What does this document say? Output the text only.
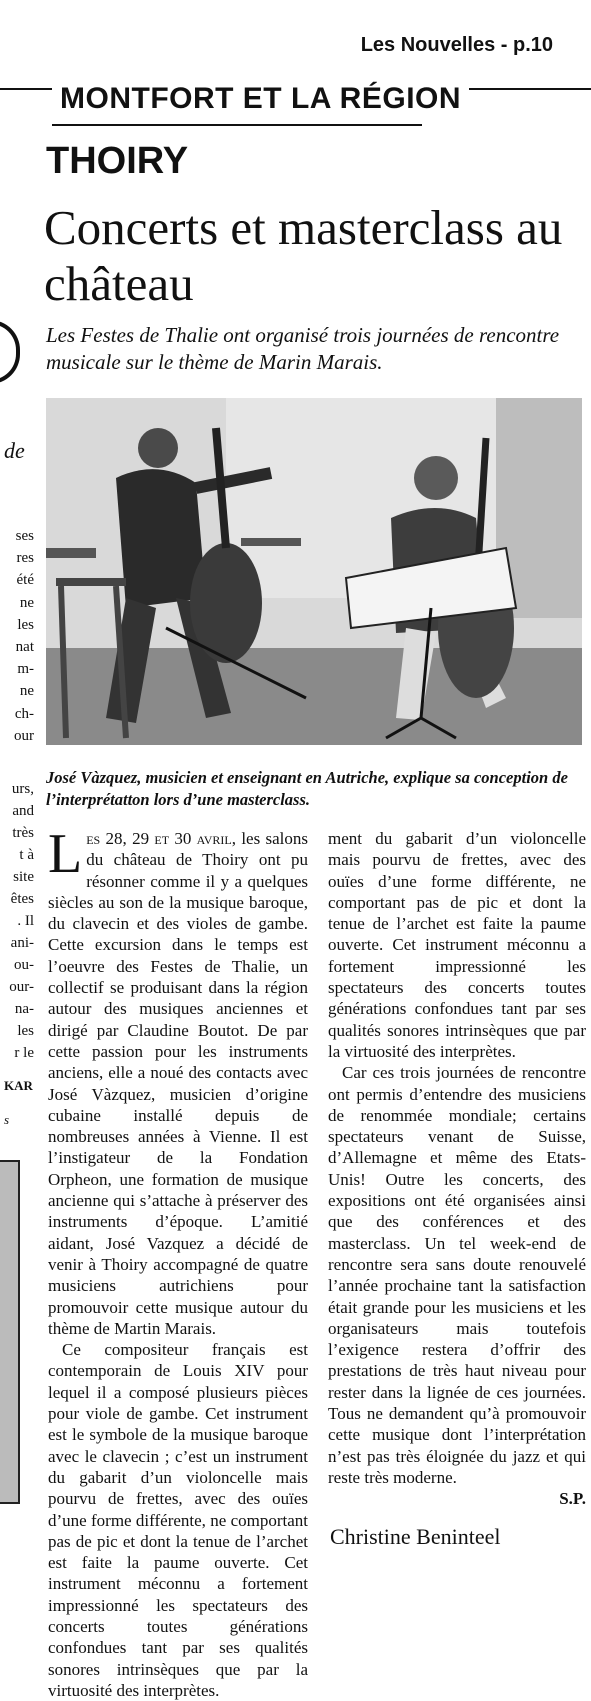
Les Nouvelles - p.10
MONTFORT ET LA RÉGION
THOIRY
Concerts et masterclass au château
Les Festes de Thalie ont organisé trois journées de rencontre musicale sur le thème de Marin Marais.
José Vàzquez, musicien et enseignant en Autriche, explique sa conception de l’interprétatton lors d’une masterclass.

Les 28, 29 et 30 avril, les salons du château de Thoiry ont pu résonner comme il y a quelques siècles au son de la musique baroque, du clavecin et des violes de gambe. Cette excursion dans le temps est l’oeuvre des Festes de Thalie, un collectif se produisant dans la région autour des musiques anciennes et dirigé par Claudine Boutot. De par cette passion pour les instruments anciens, elle a noué des contacts avec José Vàzquez, musicien d’origine cubaine installé depuis de nombreuses années à Vienne. Il est l’instigateur de la Fondation Orpheon, une formation de musique ancienne qui s’attache à préserver des instruments d’époque. L’amitié aidant, José Vazquez a décidé de venir à Thoiry accompagné de quatre musiciens autrichiens pour promouvoir cette musique autour du thème de Martin Marais.

Ce compositeur français est contemporain de Louis XIV pour lequel il a composé plusieurs pièces pour viole de gambe. Cet instrument est le symbole de la musique baroque avec le clavecin ; c’est un instrument du gabarit d’un violoncelle mais pourvu de frettes, avec des ouïes d’une forme différente, ne comportant pas de pic et dont la tenue de l’archet est faite la paume ouverte. Cet instrument méconnu a fortement impressionné les spectateurs des concerts toutes générations confondues tant par ses qualités sonores intrinsèques que par la virtuosité des interprètes.

ment du gabarit d’un violoncelle mais pourvu de frettes, avec des ouïes d’une forme différente, ne comportant pas de pic et dont la tenue de l’archet est faite la paume ouverte. Cet instrument méconnu a fortement impressionné les spectateurs des concerts toutes générations confondues tant par ses qualités sonores intrinsèques que par la virtuosité des interprètes.

Car ces trois journées de rencontre ont permis d’entendre des musiciens de renommée mondiale; certains spectateurs venant de Suisse, d’Allemagne et même des Etats-Unis! Outre les concerts, des expositions ont été organisées ainsi que des conférences et des masterclass. Un tel week-end de rencontre sera sans doute renouvelé l’année prochaine tant la satisfaction était grande pour les musiciens et les organisateurs mais toutefois l’exigence restera d’offrir des prestations de très haut niveau pour rester dans la lignée de ces journées. Tous ne demandent qu’à promouvoir cette musique dont l’interprétation n’est pas très éloignée du jazz et qui reste très moderne.

S.P.
de
ses
res
été
ne
les
nat
m-
ne
ch-
our
urs,
and
très
t à
site
êtes
. Il
ani-
ou-
our-
na-
les
r le
KAR
s
Christine Beninteel
